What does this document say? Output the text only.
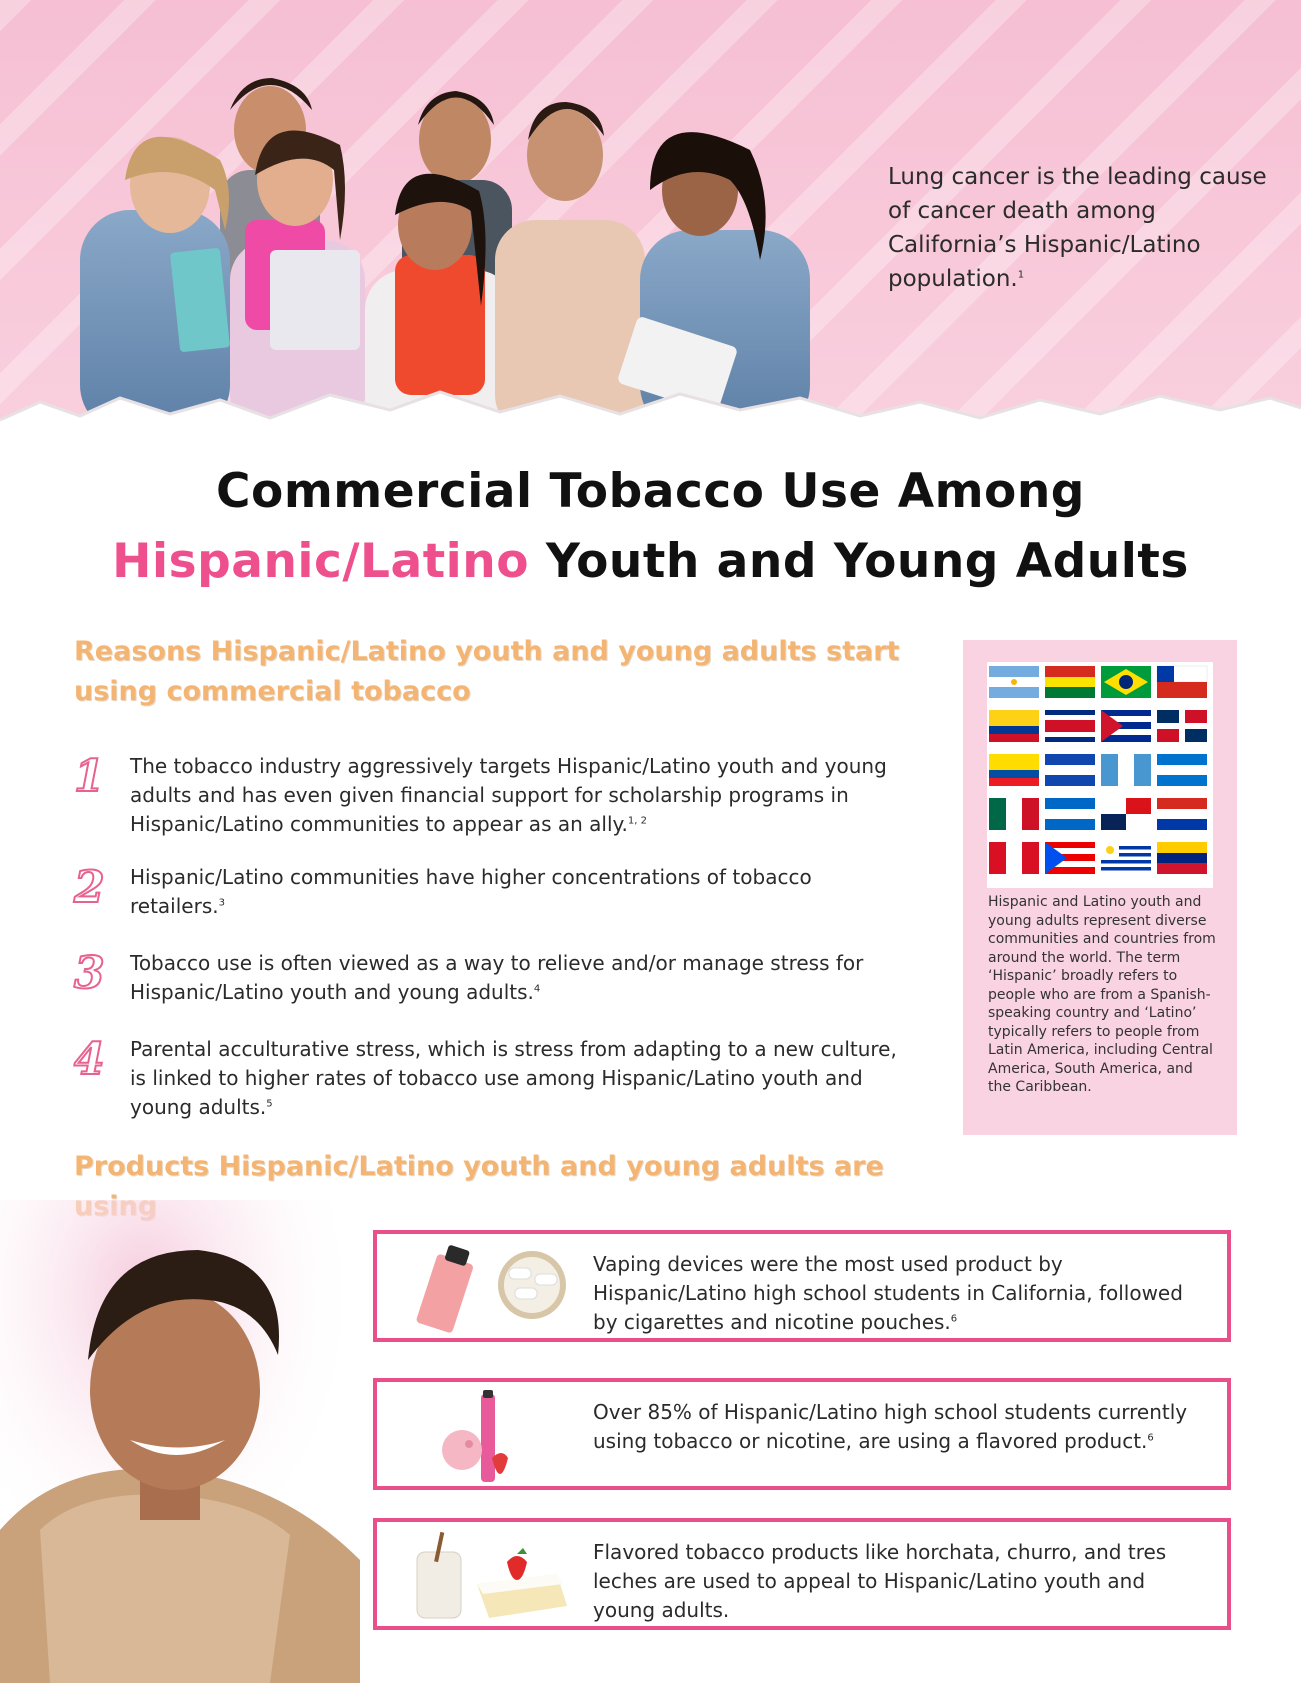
Lung cancer is the leading cause of cancer death among California’s Hispanic/Latino population.$^1$
Commercial Tobacco Use Among
Hispanic/Latino Youth and Young Adults
Reasons Hispanic/Latino youth and young adults start using commercial tobacco
1	The tobacco industry aggressively targets Hispanic/Latino youth and young adults and has even given financial support for scholarship programs in Hispanic/Latino communities to appear as an ally.$^{1, 2}$
2	Hispanic/Latino communities have higher concentrations of tobacco retailers.$^3$
3	Tobacco use is often viewed as a way to relieve and/or manage stress for Hispanic/Latino youth and young adults.$^4$
4	Parental acculturative stress, which is stress from adapting to a new culture, is linked to higher rates of tobacco use among Hispanic/Latino youth and young adults.$^5$
Hispanic and Latino youth and young adults represent diverse communities and countries from around the world. The term ‘Hispanic’ broadly refers to people who are from a Spanish-speaking country and ‘Latino’ typically refers to people from Latin America, including Central America, South America, and the Caribbean.
Products Hispanic/Latino youth and young adults are
Vaping devices were the most used product by Hispanic/Latino high school students in California, followed by cigarettes and nicotine pouches.$^6$
Over 85% of Hispanic/Latino high school students currently using tobacco or nicotine, are using a flavored product.$^6$
Flavored tobacco products like horchata, churro, and tres leches are used to appeal to Hispanic/Latino youth and young adults.
